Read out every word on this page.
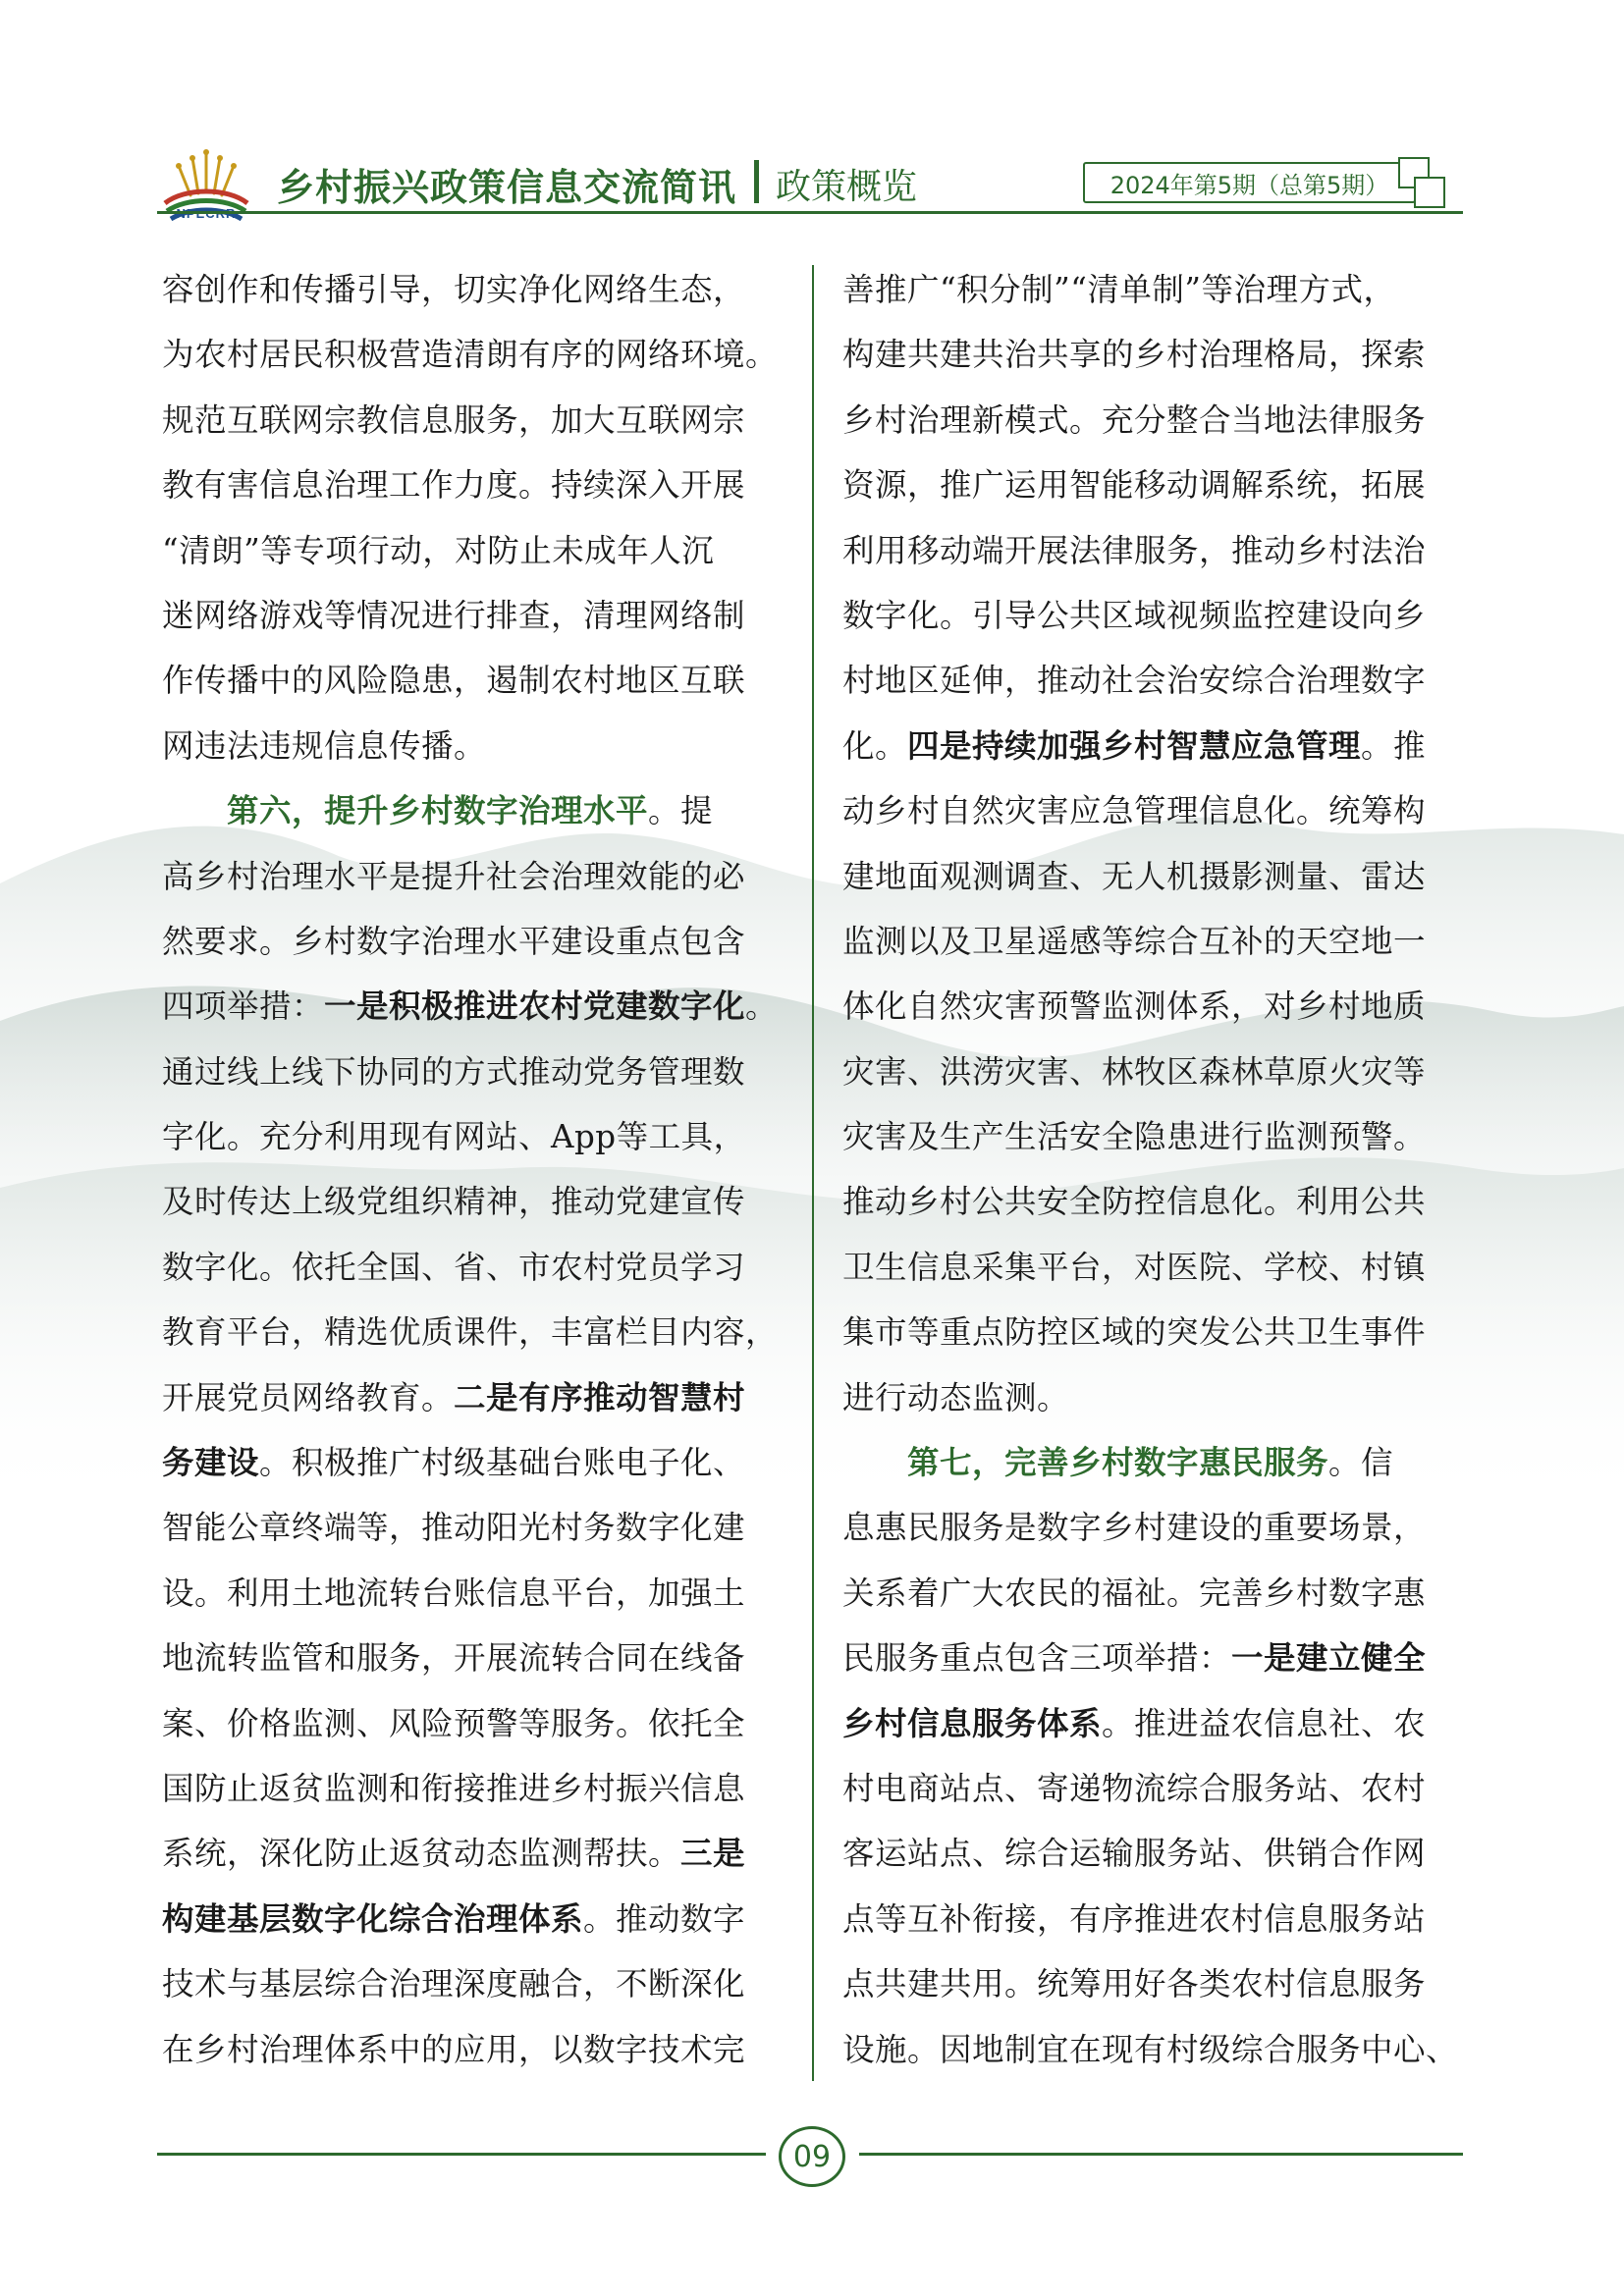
乡村振兴政策信息交流简讯 政策概览	2024年第5期（总第5期）
容创作和传播引导，切实净化网络生态，
为农村居民积极营造清朗有序的网络环境。
规范互联网宗教信息服务，加大互联网宗
教有害信息治理工作力度。持续深入开展
“清朗”等专项行动，对防止未成年人沉
迷网络游戏等情况进行排查，清理网络制
作传播中的风险隐患，遏制农村地区互联
网违法违规信息传播。
　　第六，提升乡村数字治理水平。提
高乡村治理水平是提升社会治理效能的必
然要求。乡村数字治理水平建设重点包含
四项举措：一是积极推进农村党建数字化。
通过线上线下协同的方式推动党务管理数
字化。充分利用现有网站、App等工具，
及时传达上级党组织精神，推动党建宣传
数字化。依托全国、省、市农村党员学习
教育平台，精选优质课件，丰富栏目内容，
开展党员网络教育。二是有序推动智慧村
务建设。积极推广村级基础台账电子化、
智能公章终端等，推动阳光村务数字化建
设。利用土地流转台账信息平台，加强土
地流转监管和服务，开展流转合同在线备
案、价格监测、风险预警等服务。依托全
国防止返贫监测和衔接推进乡村振兴信息
系统，深化防止返贫动态监测帮扶。三是
构建基层数字化综合治理体系。推动数字
技术与基层综合治理深度融合，不断深化
在乡村治理体系中的应用，以数字技术完
善推广“积分制”“清单制”等治理方式，
构建共建共治共享的乡村治理格局，探索
乡村治理新模式。充分整合当地法律服务
资源，推广运用智能移动调解系统，拓展
利用移动端开展法律服务，推动乡村法治
数字化。引导公共区域视频监控建设向乡
村地区延伸，推动社会治安综合治理数字
化。四是持续加强乡村智慧应急管理。推
动乡村自然灾害应急管理信息化。统筹构
建地面观测调查、无人机摄影测量、雷达
监测以及卫星遥感等综合互补的天空地一
体化自然灾害预警监测体系，对乡村地质
灾害、洪涝灾害、林牧区森林草原火灾等
灾害及生产生活安全隐患进行监测预警。
推动乡村公共安全防控信息化。利用公共
卫生信息采集平台，对医院、学校、村镇
集市等重点防控区域的突发公共卫生事件
进行动态监测。
　　第七，完善乡村数字惠民服务。信
息惠民服务是数字乡村建设的重要场景，
关系着广大农民的福祉。完善乡村数字惠
民服务重点包含三项举措：一是建立健全
乡村信息服务体系。推进益农信息社、农
村电商站点、寄递物流综合服务站、农村
客运站点、综合运输服务站、供销合作网
点等互补衔接，有序推进农村信息服务站
点共建共用。统筹用好各类农村信息服务
设施。因地制宜在现有村级综合服务中心、
09
